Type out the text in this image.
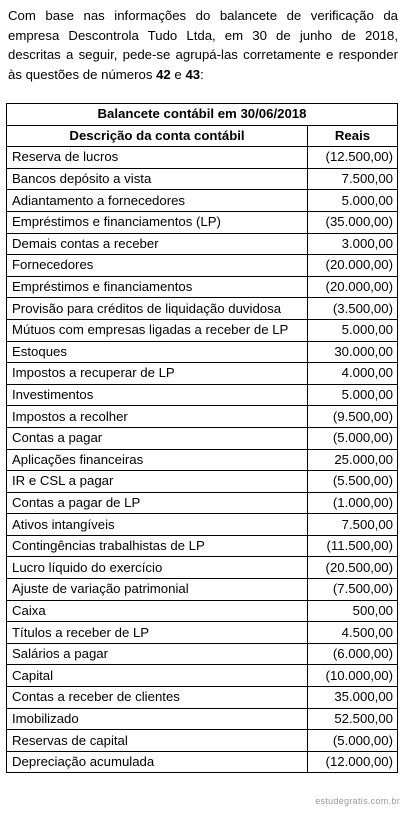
Com base nas informações do balancete de verificação da empresa Descontrola Tudo Ltda, em 30 de junho de 2018, descritas a seguir, pede-se agrupá-las corretamente e responder às questões de números 42 e 43:
Balancete contábil em 30/06/2018	
Descrição da conta contábil	Reais
Reserva de lucros	(12.500,00)
Bancos depósito a vista	7.500,00
Adiantamento a fornecedores	5.000,00
Empréstimos e financiamentos (LP)	(35.000,00)
Demais contas a receber	3.000,00
Fornecedores	(20.000,00)
Empréstimos e financiamentos	(20.000,00)
Provisão para créditos de liquidação duvidosa	(3.500,00)
Mútuos com empresas ligadas a receber de LP	5.000,00
Estoques	30.000,00
Impostos a recuperar de LP	4.000,00
Investimentos	5.000,00
Impostos a recolher	(9.500,00)
Contas a pagar	(5.000,00)
Aplicações financeiras	25.000,00
IR e CSL a pagar	(5.500,00)
Contas a pagar de LP	(1.000,00)
Ativos intangíveis	7.500,00
Contingências trabalhistas de LP	(11.500,00)
Lucro líquido do exercício	(20.500,00)
Ajuste de variação patrimonial	(7.500,00)
Caixa	500,00
Títulos a receber de LP	4.500,00
Salários a pagar	(6.000,00)
Capital	(10.000,00)
Contas a receber de clientes	35.000,00
Imobilizado	52.500,00
Reservas de capital	(5.000,00)
Depreciação acumulada	(12.000,00)
estudegratis.com.br
